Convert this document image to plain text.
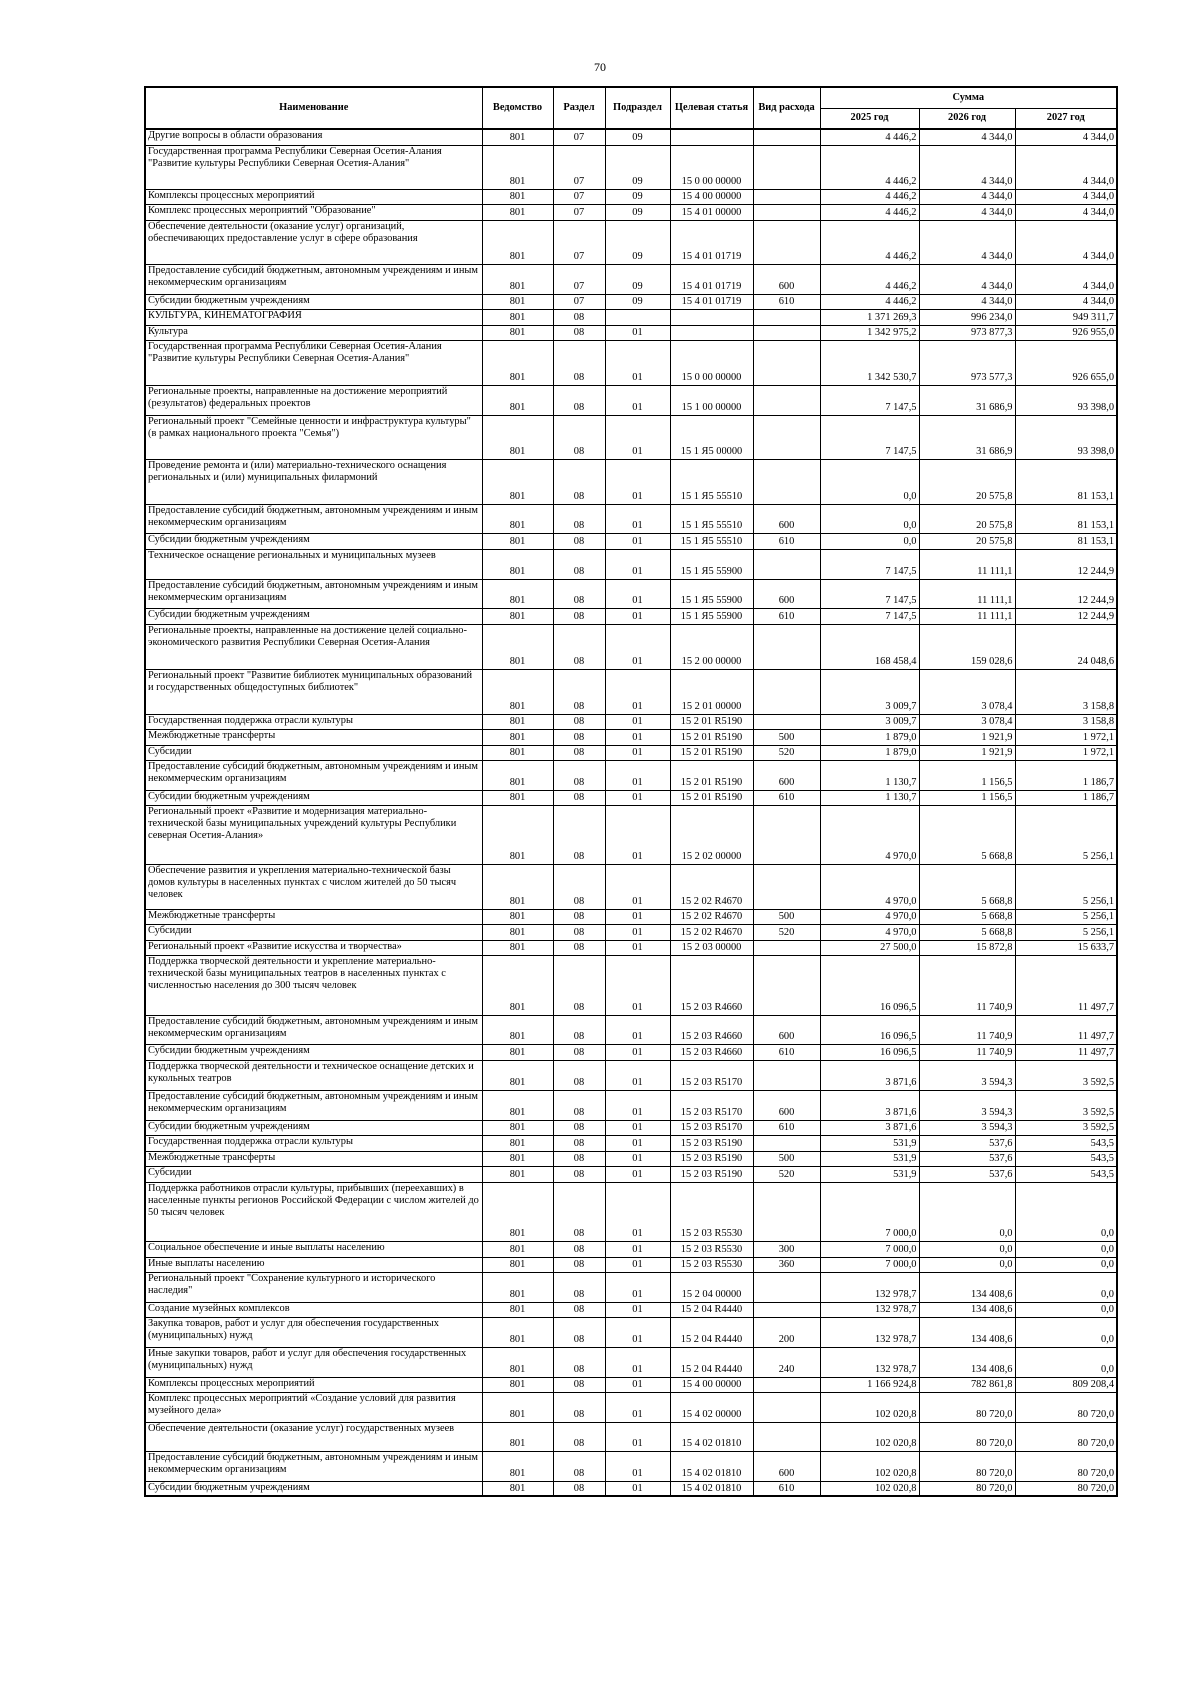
70
Наименование	Ведомство	Раздел	Подраздел	Целевая статья	Вид расхода	Сумма		
						2025 год	2026 год	2027 год
Другие вопросы в области образования	801	07	09			4 446,2	4 344,0	4 344,0
Государственная программа Республики Северная Осетия-Алания "Развитие культуры Республики Северная Осетия-Алания"	801	07	09	15 0 00 00000		4 446,2	4 344,0	4 344,0
Комплексы процессных мероприятий	801	07	09	15 4 00 00000		4 446,2	4 344,0	4 344,0
Комплекс процессных мероприятий "Образование"	801	07	09	15 4 01 00000		4 446,2	4 344,0	4 344,0
Обеспечение деятельности (оказание услуг) организаций, обеспечивающих предоставление услуг в сфере образования	801	07	09	15 4 01 01719		4 446,2	4 344,0	4 344,0
Предоставление субсидий бюджетным, автономным учреждениям и иным некоммерческим организациям	801	07	09	15 4 01 01719	600	4 446,2	4 344,0	4 344,0
Субсидии бюджетным учреждениям	801	07	09	15 4 01 01719	610	4 446,2	4 344,0	4 344,0
КУЛЬТУРА, КИНЕМАТОГРАФИЯ	801	08				1 371 269,3	996 234,0	949 311,7
Культура	801	08	01			1 342 975,2	973 877,3	926 955,0
Государственная программа Республики Северная Осетия-Алания "Развитие культуры Республики Северная Осетия-Алания"	801	08	01	15 0 00 00000		1 342 530,7	973 577,3	926 655,0
Региональные проекты, направленные на достижение мероприятий (результатов) федеральных проектов	801	08	01	15 1 00 00000		7 147,5	31 686,9	93 398,0
Региональный проект "Семейные ценности и инфраструктура культуры" (в рамках национального проекта "Семья")	801	08	01	15 1 Я5 00000		7 147,5	31 686,9	93 398,0
Проведение ремонта и (или) материально-технического оснащения региональных и (или) муниципальных филармоний	801	08	01	15 1 Я5 55510		0,0	20 575,8	81 153,1
Предоставление субсидий бюджетным, автономным учреждениям и иным некоммерческим организациям	801	08	01	15 1 Я5 55510	600	0,0	20 575,8	81 153,1
Субсидии бюджетным учреждениям	801	08	01	15 1 Я5 55510	610	0,0	20 575,8	81 153,1
Техническое оснащение региональных и муниципальных музеев	801	08	01	15 1 Я5 55900		7 147,5	11 111,1	12 244,9
Предоставление субсидий бюджетным, автономным учреждениям и иным некоммерческим организациям	801	08	01	15 1 Я5 55900	600	7 147,5	11 111,1	12 244,9
Субсидии бюджетным учреждениям	801	08	01	15 1 Я5 55900	610	7 147,5	11 111,1	12 244,9
Региональные проекты, направленные на достижение целей социально-экономического развития Республики Северная Осетия-Алания	801	08	01	15 2 00 00000		168 458,4	159 028,6	24 048,6
Региональный проект "Развитие библиотек муниципальных образований и государственных общедоступных библиотек"	801	08	01	15 2 01 00000		3 009,7	3 078,4	3 158,8
Государственная поддержка отрасли культуры	801	08	01	15 2 01 R5190		3 009,7	3 078,4	3 158,8
Межбюджетные трансферты	801	08	01	15 2 01 R5190	500	1 879,0	1 921,9	1 972,1
Субсидии	801	08	01	15 2 01 R5190	520	1 879,0	1 921,9	1 972,1
Предоставление субсидий бюджетным, автономным учреждениям и иным некоммерческим организациям	801	08	01	15 2 01 R5190	600	1 130,7	1 156,5	1 186,7
Субсидии бюджетным учреждениям	801	08	01	15 2 01 R5190	610	1 130,7	1 156,5	1 186,7
Региональный проект «Развитие и модернизация материально- технической базы муниципальных учреждений культуры Республики северная Осетия-Алания»	801	08	01	15 2 02 00000		4 970,0	5 668,8	5 256,1
Обеспечение развития и укрепления материально-технической базы домов культуры в населенных пунктах с числом жителей до 50 тысяч человек	801	08	01	15 2 02 R4670		4 970,0	5 668,8	5 256,1
Межбюджетные трансферты	801	08	01	15 2 02 R4670	500	4 970,0	5 668,8	5 256,1
Субсидии	801	08	01	15 2 02 R4670	520	4 970,0	5 668,8	5 256,1
Региональный проект «Развитие искусства и творчества»	801	08	01	15 2 03 00000		27 500,0	15 872,8	15 633,7
Поддержка творческой деятельности и укрепление материально-технической базы муниципальных театров в населенных пунктах с численностью населения до 300 тысяч человек	801	08	01	15 2 03 R4660		16 096,5	11 740,9	11 497,7
Предоставление субсидий бюджетным, автономным учреждениям и иным некоммерческим организациям	801	08	01	15 2 03 R4660	600	16 096,5	11 740,9	11 497,7
Субсидии бюджетным учреждениям	801	08	01	15 2 03 R4660	610	16 096,5	11 740,9	11 497,7
Поддержка творческой деятельности и техническое оснащение детских и кукольных театров	801	08	01	15 2 03 R5170		3 871,6	3 594,3	3 592,5
Предоставление субсидий бюджетным, автономным учреждениям и иным некоммерческим организациям	801	08	01	15 2 03 R5170	600	3 871,6	3 594,3	3 592,5
Субсидии бюджетным учреждениям	801	08	01	15 2 03 R5170	610	3 871,6	3 594,3	3 592,5
Государственная поддержка отрасли культуры	801	08	01	15 2 03 R5190		531,9	537,6	543,5
Межбюджетные трансферты	801	08	01	15 2 03 R5190	500	531,9	537,6	543,5
Субсидии	801	08	01	15 2 03 R5190	520	531,9	537,6	543,5
Поддержка работников отрасли культуры, прибывших (переехавших) в населенные пункты регионов Российской Федерации с числом жителей до 50 тысяч человек	801	08	01	15 2 03 R5530		7 000,0	0,0	0,0
Социальное обеспечение и иные выплаты населению	801	08	01	15 2 03 R5530	300	7 000,0	0,0	0,0
Иные выплаты населению	801	08	01	15 2 03 R5530	360	7 000,0	0,0	0,0
Региональный проект "Сохранение культурного и исторического наследия"	801	08	01	15 2 04 00000		132 978,7	134 408,6	0,0
Создание музейных комплексов	801	08	01	15 2 04 R4440		132 978,7	134 408,6	0,0
Закупка товаров, работ и услуг для обеспечения государственных (муниципальных) нужд	801	08	01	15 2 04 R4440	200	132 978,7	134 408,6	0,0
Иные закупки товаров, работ и услуг для обеспечения государственных (муниципальных) нужд	801	08	01	15 2 04 R4440	240	132 978,7	134 408,6	0,0
Комплексы процессных мероприятий	801	08	01	15 4 00 00000		1 166 924,8	782 861,8	809 208,4
Комплекс процессных мероприятий «Создание условий для развития музейного дела»	801	08	01	15 4 02 00000		102 020,8	80 720,0	80 720,0
Обеспечение деятельности (оказание услуг) государственных музеев	801	08	01	15 4 02 01810		102 020,8	80 720,0	80 720,0
Предоставление субсидий бюджетным, автономным учреждениям и иным некоммерческим организациям	801	08	01	15 4 02 01810	600	102 020,8	80 720,0	80 720,0
Субсидии бюджетным учреждениям	801	08	01	15 4 02 01810	610	102 020,8	80 720,0	80 720,0
